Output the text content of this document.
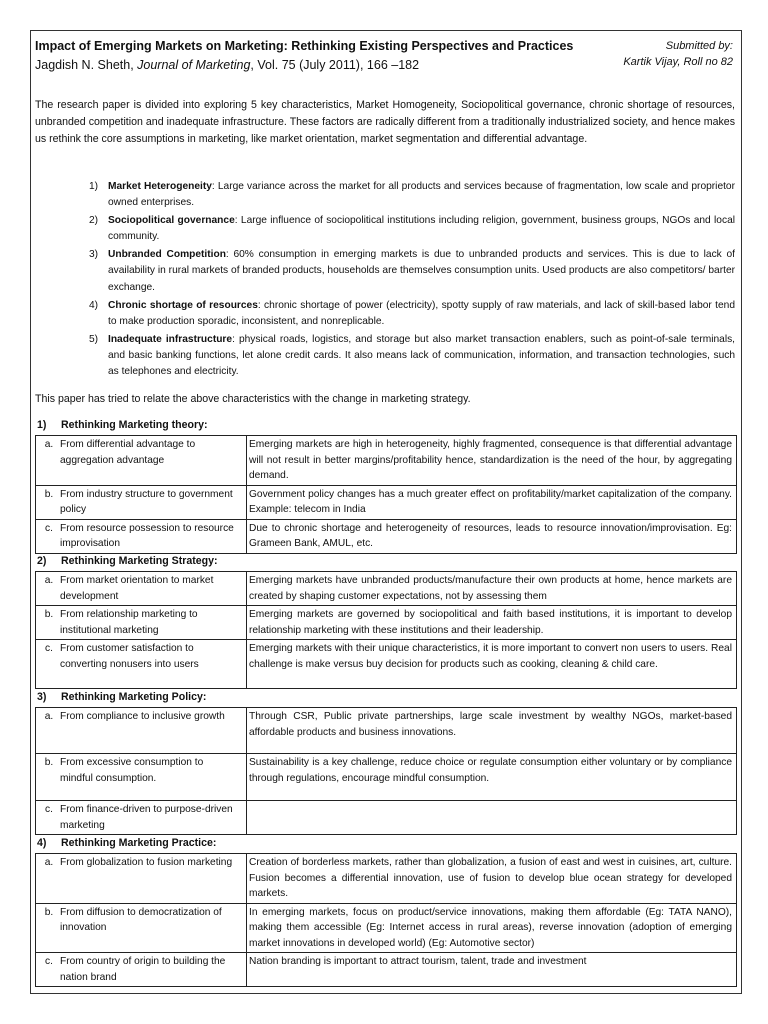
Impact of Emerging Markets on Marketing: Rethinking Existing Perspectives and Practices
Jagdish N. Sheth, Journal of Marketing, Vol. 75 (July 2011), 166 –182
Submitted by:
Kartik Vijay, Roll no 82
The research paper is divided into exploring 5 key characteristics, Market Homogeneity, Sociopolitical governance, chronic shortage of resources, unbranded competition and inadequate infrastructure. These factors are radically different from a traditionally industrialized society, and hence makes us rethink the core assumptions in marketing, like market orientation, market segmentation and differential advantage.
1) Market Heterogeneity: Large variance across the market for all products and services because of fragmentation, low scale and proprietor owned enterprises.
2) Sociopolitical governance: Large influence of sociopolitical institutions including religion, government, business groups, NGOs and local community.
3) Unbranded Competition: 60% consumption in emerging markets is due to unbranded products and services. This is due to lack of availability in rural markets of branded products, households are themselves consumption units. Used products are also competitors/ barter exchange.
4) Chronic shortage of resources: chronic shortage of power (electricity), spotty supply of raw materials, and lack of skill-based labor tend to make production sporadic, inconsistent, and nonreplicable.
5) Inadequate infrastructure: physical roads, logistics, and storage but also market transaction enablers, such as point-of-sale terminals, and basic banking functions, let alone credit cards. It also means lack of communication, information, and transaction technologies, such as telephones and electricity.
This paper has tried to relate the above characteristics with the change in marketing strategy.
1) Rethinking Marketing theory:
a. From differential advantage to aggregation advantage	Emerging markets are high in heterogeneity, highly fragmented, consequence is that differential advantage will not result in better margins/profitability hence, standardization is the need of the hour, by aggregating demand.
b. From industry structure to government policy	Government policy changes has a much greater effect on profitability/market capitalization of the company. Example: telecom in India
c. From resource possession to resource improvisation	Due to chronic shortage and heterogeneity of resources, leads to resource innovation/improvisation. Eg: Grameen Bank, AMUL, etc.
2) Rethinking Marketing Strategy:
a. From market orientation to market development	Emerging markets have unbranded products/manufacture their own products at home, hence markets are created by shaping customer expectations, not by assessing them
b. From relationship marketing to institutional marketing	Emerging markets are governed by sociopolitical and faith based institutions, it is important to develop relationship marketing with these institutions and their leadership.
c. From customer satisfaction to converting nonusers into users	Emerging markets with their unique characteristics, it is more important to convert non users to users. Real challenge is make versus buy decision for products such as cooking, cleaning & child care.
3) Rethinking Marketing Policy:
a. From compliance to inclusive growth	Through CSR, Public private partnerships, large scale investment by wealthy NGOs, market-based affordable products and business innovations.
b. From excessive consumption to mindful consumption.	Sustainability is a key challenge, reduce choice or regulate consumption either voluntary or by compliance through regulations, encourage mindful consumption.
c. From finance-driven to purpose-driven marketing	
4) Rethinking Marketing Practice:
a. From globalization to fusion marketing	Creation of borderless markets, rather than globalization, a fusion of east and west in cuisines, art, culture. Fusion becomes a differential innovation, use of fusion to develop blue ocean strategy for developed markets.
b. From diffusion to democratization of innovation	In emerging markets, focus on product/service innovations, making them affordable (Eg: TATA NANO), making them accessible (Eg: Internet access in rural areas), reverse innovation (adoption of emerging market innovations in developed world) (Eg: Automotive sector)
c. From country of origin to building the nation brand	Nation branding is important to attract tourism, talent, trade and investment
